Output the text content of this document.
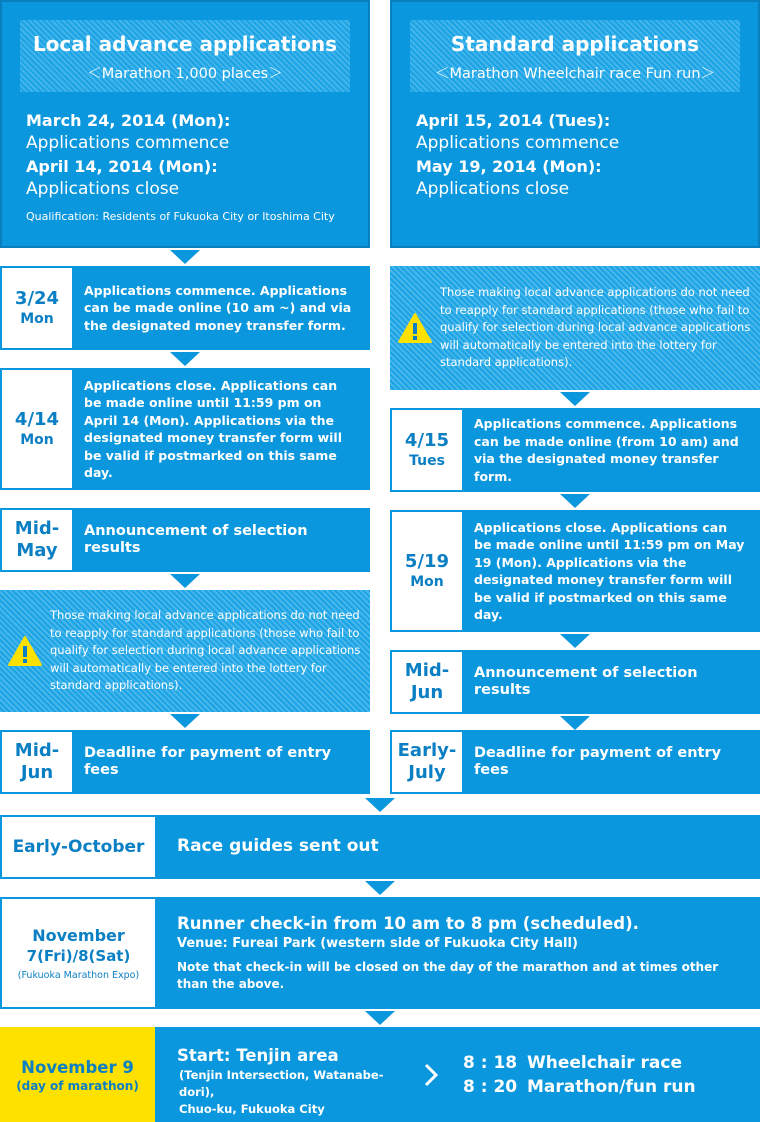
Local advance applications
＜Marathon 1,000 places＞
March 24, 2014 (Mon):
Applications commence
April 14, 2014 (Mon):
Applications close
Qualification: Residents of Fukuoka City or Itoshima City
Standard applications
＜Marathon Wheelchair race Fun run＞
April 15, 2014 (Tues):
Applications commence
May 19, 2014 (Mon):
Applications close
3/24
Mon
Applications commence. Applications can be made online (10 am ~) and via the designated money transfer form.
4/14
Mon
Applications close. Applications can be made online until 11:59 pm on April 14 (Mon). Applications via the designated money transfer form will be valid if postmarked on this same day.
Mid-
May
Announcement of selection results
Those making local advance applications do not need to reapply for standard applications (those who fail to qualify for selection during local advance applications will automatically be entered into the lottery for standard applications).
Mid-
Jun
Deadline for payment of entry fees
Those making local advance applications do not need to reapply for standard applications (those who fail to qualify for selection during local advance applications will automatically be entered into the lottery for standard applications).
4/15
Tues
Applications commence. Applications can be made online (from 10 am) and via the designated money transfer form.
5/19
Mon
Applications close. Applications can be made online until 11:59 pm on May 19 (Mon). Applications via the designated money transfer form will be valid if postmarked on this same day.
Mid-
Jun
Announcement of selection results
Early-
July
Deadline for payment of entry fees
Early-October	Race guides sent out
November
7(Fri)/8(Sat)
(Fukuoka Marathon Expo)
Runner check-in from 10 am to 8 pm (scheduled).
Venue: Fureai Park (western side of Fukuoka City Hall)
Note that check-in will be closed on the day of the marathon and at times other than the above.
November 9
(day of marathon)
Start: Tenjin area
(Tenjin Intersection, Watanabe-dori),
Chuo-ku, Fukuoka City
8 : 18 Wheelchair race
8 : 20 Marathon/fun run
